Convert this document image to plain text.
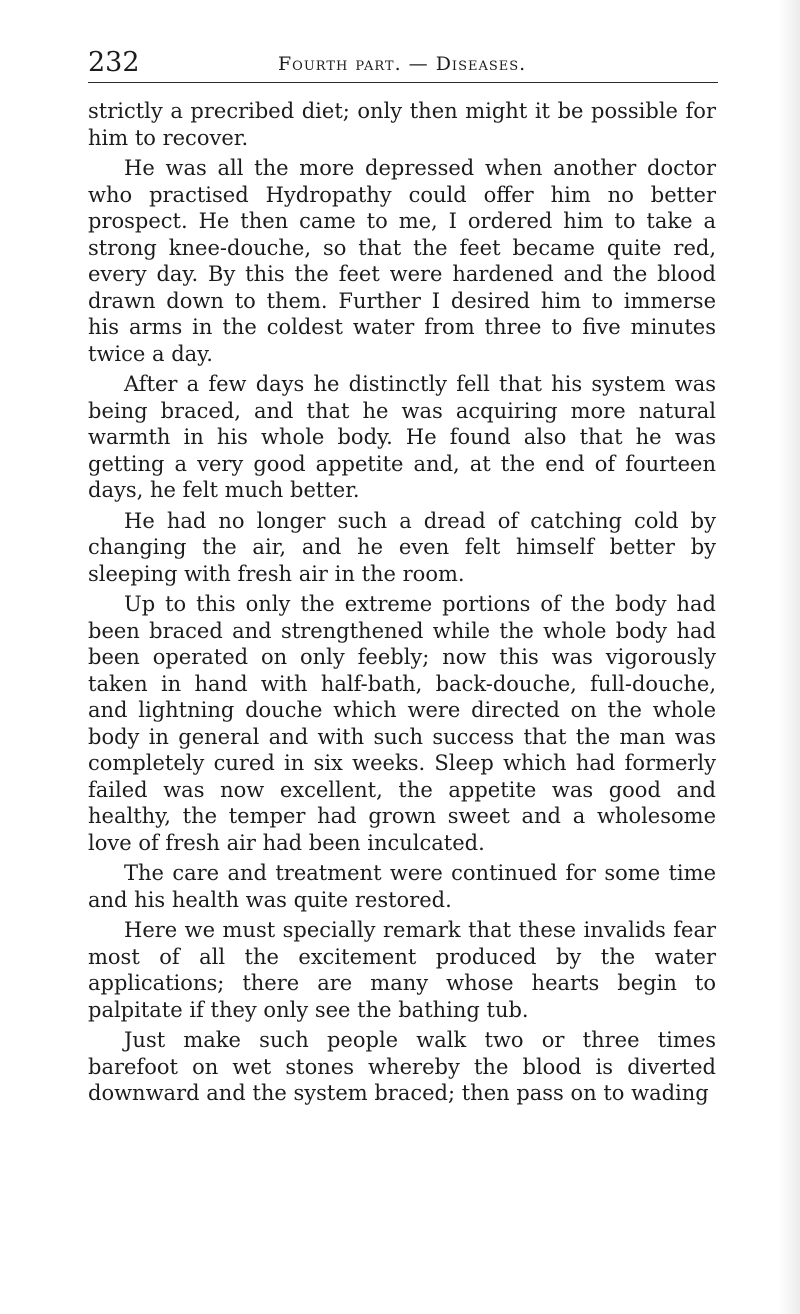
232	Fourth part. — Diseases.

strictly a precribed diet; only then might it be possible for him to recover.

He was all the more depressed when another doctor who practised Hydropathy could offer him no better prospect. He then came to me, I ordered him to take a strong knee-douche, so that the feet became quite red, every day. By this the feet were hardened and the blood drawn down to them. Further I desired him to immerse his arms in the coldest water from three to five minutes twice a day.

After a few days he distinctly fell that his system was being braced, and that he was acquiring more natural warmth in his whole body. He found also that he was getting a very good appetite and, at the end of fourteen days, he felt much better.

He had no longer such a dread of catching cold by changing the air, and he even felt himself better by sleeping with fresh air in the room.

Up to this only the extreme portions of the body had been braced and strengthened while the whole body had been operated on only feebly; now this was vigorously taken in hand with half-bath, back-douche, full-douche, and lightning douche which were directed on the whole body in general and with such success that the man was completely cured in six weeks. Sleep which had formerly failed was now excellent, the appetite was good and healthy, the temper had grown sweet and a wholesome love of fresh air had been inculcated.

The care and treatment were continued for some time and his health was quite restored.

Here we must specially remark that these invalids fear most of all the excitement produced by the water applications; there are many whose hearts begin to palpitate if they only see the bathing tub.

Just make such people walk two or three times barefoot on wet stones whereby the blood is diverted downward and the system braced; then pass on to wading
